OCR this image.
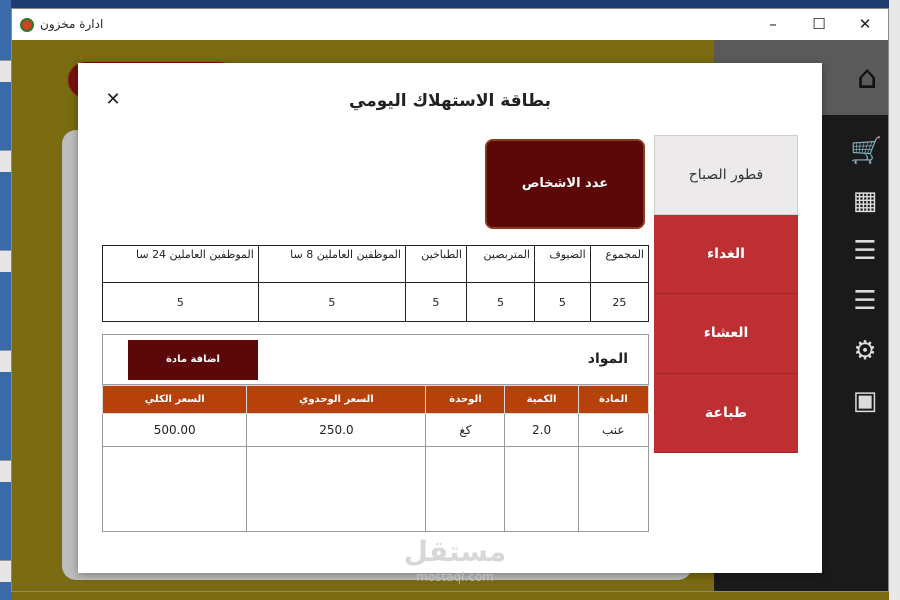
ادارة مخزون	–	☐	✕
⌂
🛒
▦
☰
☰
⚙
▣
✕	بطاقة الاستهلاك اليومي
عدد الاشخاص
فطور الصباح
الغداء
العشاء
طباعة
المجموع	الضيوف	المتربصين	الطباخين	الموظفين العاملين 8 سا	الموظفين العاملين 24 سا
25	5	5	5	5	5
المواد
اضافة مادة
المادة	الكمية	الوحدة	السعر الوحدوي	السعر الكلي
عنب	2.0	كغ	250.0	500.00

مستقل
mostaql.com
